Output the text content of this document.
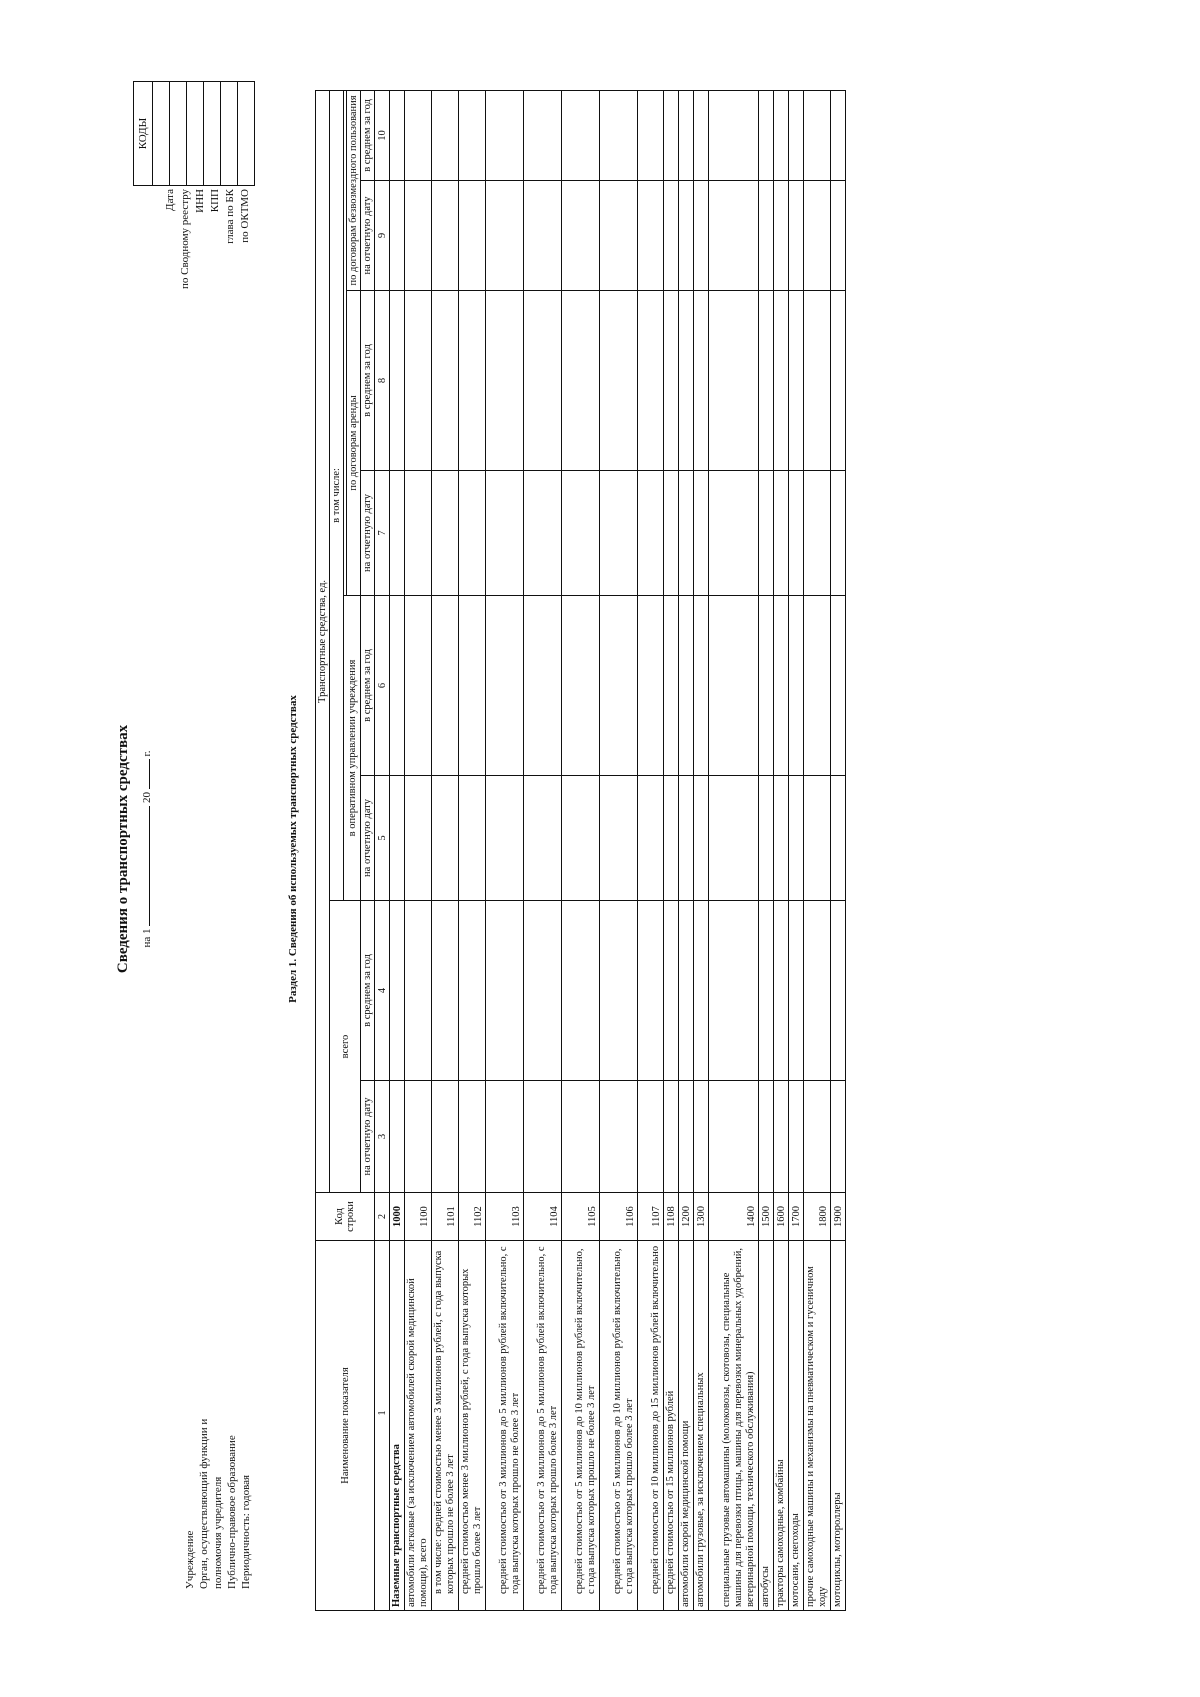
Сведения о транспортных средствах на 1  20  г.
Учреждение Орган, осуществляющий функции и полномочия учредителя Публично-правовое образование Периодичность: годовая
Дата по Сводному реестру ИНН КПП глава по БК по ОКТМО
КОДЫ

Раздел 1. Сведения об используемых транспортных средствах
Наименование показателя	Код строки	Транспортные средства, ед.							
		всего		в том числе:					
				в оперативном управлении учреждения					
						по договорам аренды		по договорам безвозмездного пользования	
		на отчетную дату	в среднем за год	на отчетную дату	в среднем за год	на отчетную дату	в среднем за год	на отчетную дату	в среднем за год
1	2	3	4	5	6	7	8	9	10
Наземные транспортные средства	1000								
автомобили легковые (за исключением автомобилей скорой медицинской помощи), всего	1100								
в том числе: средней стоимостью менее 3 миллионов рублей, с года выпуска которых прошло не более 3 лет	1101								
средней стоимостью менее 3 миллионов рублей, с года выпуска которых прошло более 3 лет	1102								
средней стоимостью от 3 миллионов до 5 миллионов рублей включительно, с года выпуска которых прошло не более 3 лет	1103								
средней стоимостью от 3 миллионов до 5 миллионов рублей включительно, с года выпуска которых прошло более 3 лет	1104								
средней стоимостью от 5 миллионов до 10 миллионов рублей включительно, с года выпуска которых прошло не более 3 лет	1105								
средней стоимостью от 5 миллионов до 10 миллионов рублей включительно, с года выпуска которых прошло более 3 лет	1106								
средней стоимостью от 10 миллионов до 15 миллионов рублей включительно	1107								
средней стоимостью от 15 миллионов рублей	1108								
автомобили скорой медицинской помощи	1200								
автомобили грузовые, за исключением специальных	1300								
специальные грузовые автомашины (молоковозы, скотовозы, специальные машины для перевозки птицы, машины для перевозки минеральных удобрений, ветеринарной помощи, технического обслуживания)	1400								
автобусы	1500								
тракторы самоходные, комбайны	1600								
мотосани, снегоходы	1700								
прочие самоходные машины и механизмы на пневматическом и гусеничном ходу	1800								
мотоциклы, мотороллеры	1900								
